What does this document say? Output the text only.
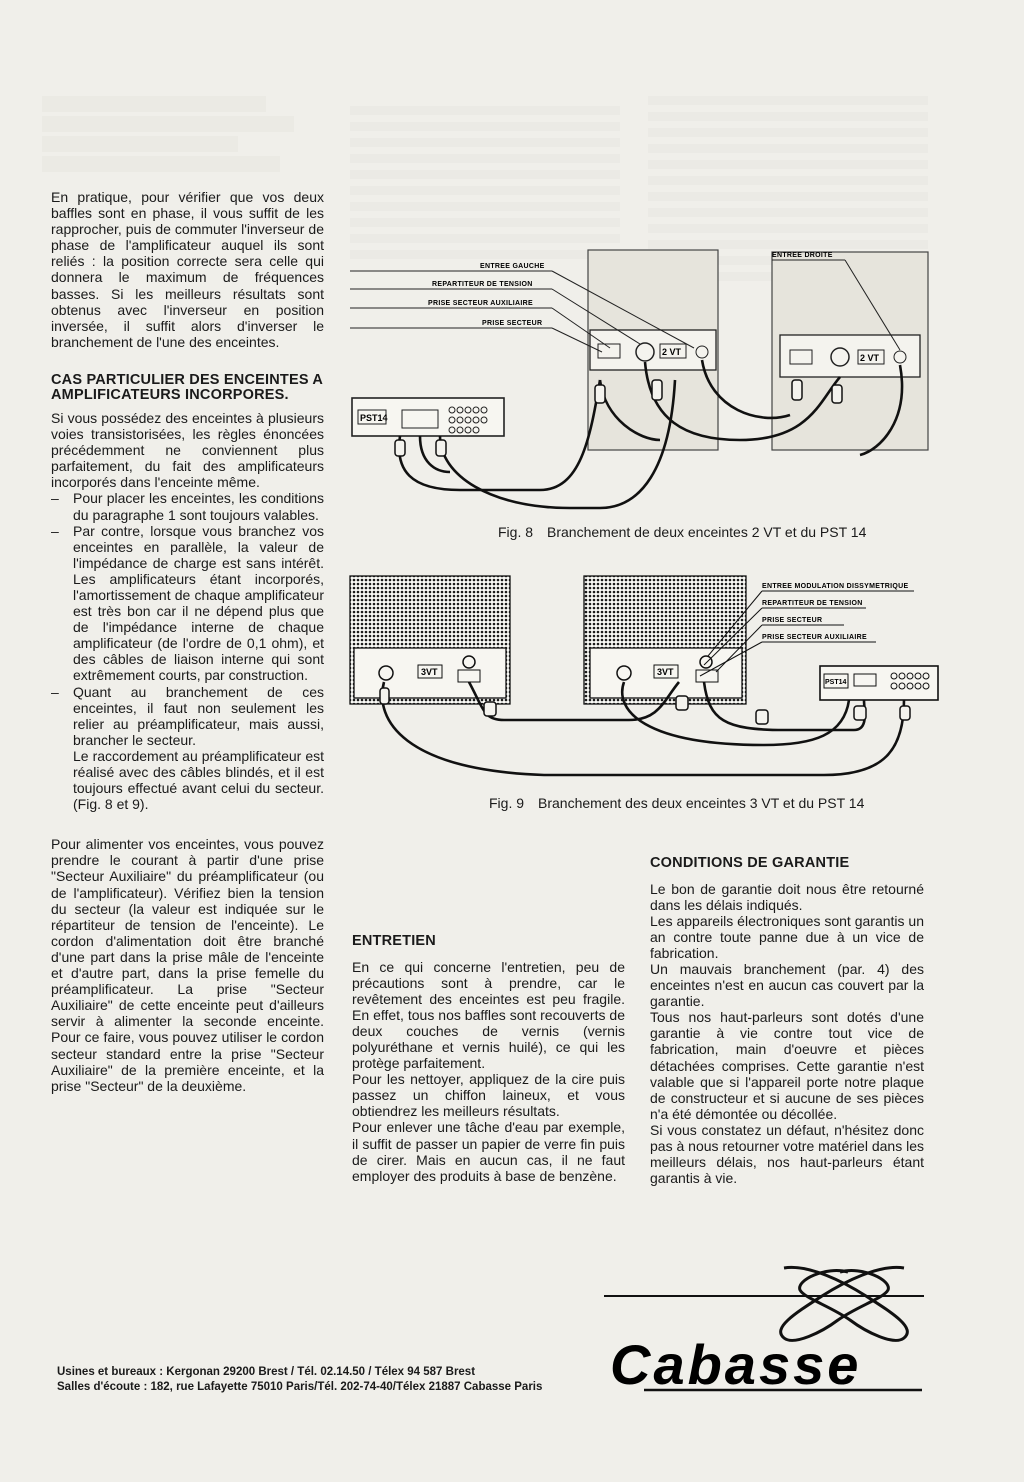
En pratique, pour vérifier que vos deux baffles sont en phase, il vous suffit de les rapprocher, puis de commuter l'inverseur de phase de l'amplificateur auquel ils sont reliés : la position correcte sera celle qui donnera le maximum de fréquences basses. Si les meilleurs résultats sont obtenus avec l'inverseur en position inversée, il suffit alors d'inverser le branchement de l'une des enceintes.

CAS PARTICULIER DES ENCEINTES A AMPLIFICATEURS INCORPORES.

Si vous possédez des enceintes à plusieurs voies transistorisées, les règles énoncées précédemment ne conviennent plus parfaitement, du fait des amplificateurs incorporés dans l'enceinte même.

–	Pour placer les enceintes, les conditions du paragraphe 1 sont toujours valables.
–	Par contre, lorsque vous branchez vos enceintes en parallèle, la valeur de l'impédance de charge est sans intérêt. Les amplificateurs étant incorporés, l'amortissement de chaque amplificateur est très bon car il ne dépend plus que de l'impédance interne de chaque amplificateur (de l'ordre de 0,1 ohm), et des câbles de liaison interne qui sont extrêmement courts, par construction.
–	Quant au branchement de ces enceintes, il faut non seulement les relier au préamplificateur, mais aussi, brancher le secteur.

Le raccordement au préamplificateur est réalisé avec des câbles blindés, et il est toujours effectué avant celui du secteur. (Fig. 8 et 9).

Pour alimenter vos enceintes, vous pouvez prendre le courant à partir d'une prise "Secteur Auxiliaire" du préamplificateur (ou de l'amplificateur). Vérifiez bien la tension du secteur (la valeur est indiquée sur le répartiteur de tension de l'enceinte). Le cordon d'alimentation doit être branché d'une part dans la prise mâle de l'enceinte et d'autre part, dans la prise femelle du préamplificateur. La prise "Secteur Auxiliaire" de cette enceinte peut d'ailleurs servir à alimenter la seconde enceinte. Pour ce faire, vous pouvez utiliser le cordon secteur standard entre la prise "Secteur Auxiliaire" de la première enceinte, et la prise "Secteur" de la deuxième.

2 VT
2 VT
ENTREE GAUCHE
REPARTITEUR DE TENSION
PRISE SECTEUR AUXILIAIRE
PRISE SECTEUR
ENTREE DROITE
PST14
Fig. 8 Branchement de deux enceintes 2 VT et du PST 14
3VT	3VT
ENTREE MODULATION DISSYMETRIQUE
REPARTITEUR DE TENSION
PRISE SECTEUR
PRISE SECTEUR AUXILIAIRE
PST14
Fig. 9 Branchement des deux enceintes 3 VT et du PST 14
ENTRETIEN

En ce qui concerne l'entretien, peu de précautions sont à prendre, car le revêtement des enceintes est peu fragile. En effet, tous nos baffles sont recouverts de deux couches de vernis (vernis polyuréthane et vernis huilé), ce qui les protège parfaitement.

Pour les nettoyer, appliquez de la cire puis passez un chiffon laineux, et vous obtiendrez les meilleurs résultats.

Pour enlever une tâche d'eau par exemple, il suffit de passer un papier de verre fin puis de cirer. Mais en aucun cas, il ne faut employer des produits à base de benzène.

CONDITIONS DE GARANTIE

Le bon de garantie doit nous être retourné dans les délais indiqués.

Les appareils électroniques sont garantis un an contre toute panne due à un vice de fabrication.

Un mauvais branchement (par. 4) des enceintes n'est en aucun cas couvert par la garantie.

Tous nos haut-parleurs sont dotés d'une garantie à vie contre tout vice de fabrication, main d'oeuvre et pièces détachées comprises. Cette garantie n'est valable que si l'appareil porte notre plaque de constructeur et si aucune de ses pièces n'a été démontée ou décollée.

Si vous constatez un défaut, n'hésitez donc pas à nous retourner votre matériel dans les meilleurs délais, nos haut-parleurs étant garantis à vie.

Cabasse
Usines et bureaux : Kergonan 29200 Brest / Tél. 02.14.50 / Télex 94 587 Brest
Salles d'écoute : 182, rue Lafayette 75010 Paris/Tél. 202-74-40/Télex 21887 Cabasse Paris
